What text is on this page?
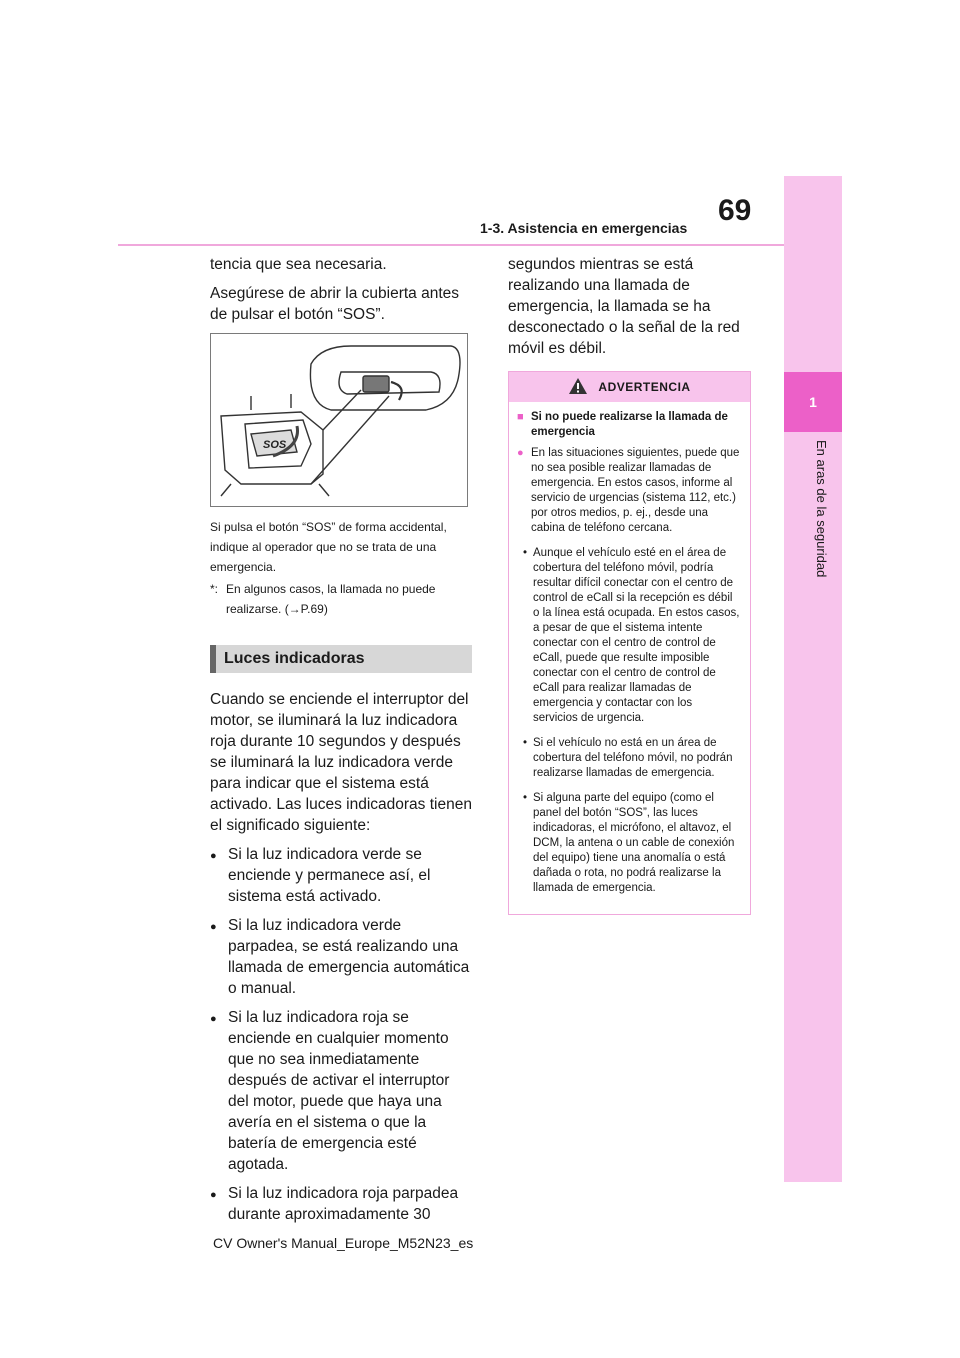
69
1-3. Asistencia en emergencias
1
En aras de la seguridad

tencia que sea necesaria.

Asegúrese de abrir la cubierta antes de pulsar el botón “SOS”.

SOS

Si pulsa el botón “SOS” de forma accidental, indique al operador que no se trata de una emergencia.

*: En algunos casos, la llamada no puede realizarse. (→P.69)
Luces indicadoras

Cuando se enciende el interruptor del motor, se iluminará la luz indicadora roja durante 10 segundos y después se iluminará la luz indicadora verde para indicar que el sistema está activado. Las luces indicadoras tienen el significado siguiente:

● Si la luz indicadora verde se enciende y permanece así, el sistema está activado.
● Si la luz indicadora verde parpadea, se está realizando una llamada de emergencia automática o manual.
● Si la luz indicadora roja se enciende en cualquier momento que no sea inmediatamente después de activar el interruptor del motor, puede que haya una avería en el sistema o que la batería de emergencia esté agotada.
● Si la luz indicadora roja parpadea durante aproximadamente 30

segundos mientras se está realizando una llamada de emergencia, la llamada se ha desconectado o la señal de la red móvil es débil.

ADVERTENCIA
■ Si no puede realizarse la llamada de emergencia
● En las situaciones siguientes, puede que no sea posible realizar llamadas de emergencia. En estos casos, informe al servicio de urgencias (sistema 112, etc.) por otros medios, p. ej., desde una cabina de teléfono cercana.
• Aunque el vehículo esté en el área de cobertura del teléfono móvil, podría resultar difícil conectar con el centro de control de eCall si la recepción es débil o la línea está ocupada. En estos casos, a pesar de que el sistema intente conectar con el centro de control de eCall, puede que resulte imposible conectar con el centro de control de eCall para realizar llamadas de emergencia y contactar con los servicios de urgencia.
• Si el vehículo no está en un área de cobertura del teléfono móvil, no podrán realizarse llamadas de emergencia.
• Si alguna parte del equipo (como el panel del botón “SOS”, las luces indicadoras, el micrófono, el altavoz, el DCM, la antena o un cable de conexión del equipo) tiene una anomalía o está dañada o rota, no podrá realizarse la llamada de emergencia.
CV Owner's Manual_Europe_M52N23_es
